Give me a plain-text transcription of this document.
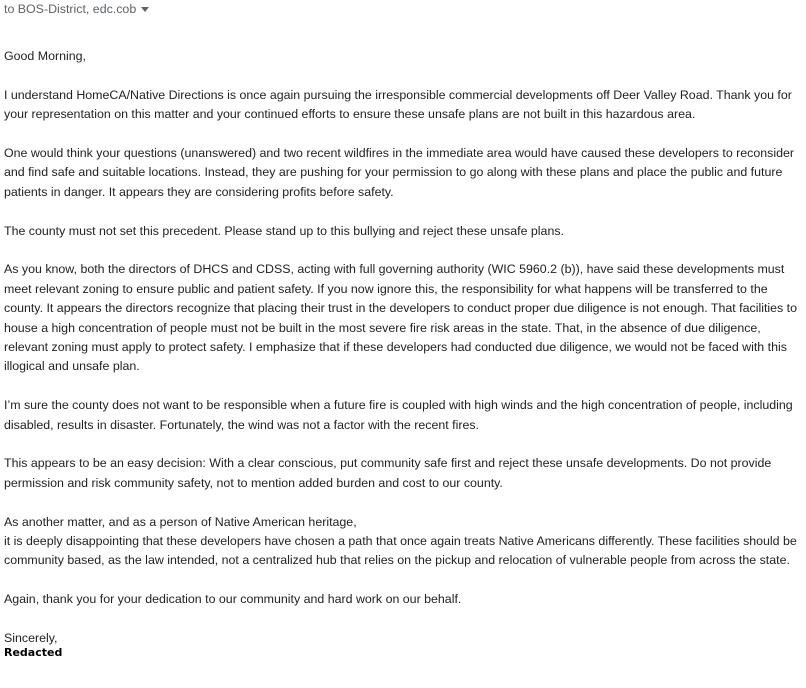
to BOS-District, edc.cob

Good Morning,

I understand HomeCA/Native Directions is once again pursuing the irresponsible commercial developments off Deer Valley Road. Thank you for your representation on this matter and your continued efforts to ensure these unsafe plans are not built in this hazardous area.

One would think your questions (unanswered) and two recent wildfires in the immediate area would have caused these developers to reconsider and find safe and suitable locations. Instead, they are pushing for your permission to go along with these plans and place the public and future patients in danger. It appears they are considering profits before safety.

The county must not set this precedent. Please stand up to this bullying and reject these unsafe plans.

As you know, both the directors of DHCS and CDSS, acting with full governing authority (WIC 5960.2 (b)), have said these developments must meet relevant zoning to ensure public and patient safety. If you now ignore this, the responsibility for what happens will be transferred to the county. It appears the directors recognize that placing their trust in the developers to conduct proper due diligence is not enough. That facilities to house a high concentration of people must not be built in the most severe fire risk areas in the state. That, in the absence of due diligence, relevant zoning must apply to protect safety. I emphasize that if these developers had conducted due diligence, we would not be faced with this illogical and unsafe plan.

I’m sure the county does not want to be responsible when a future fire is coupled with high winds and the high concentration of people, including disabled, results in disaster. Fortunately, the wind was not a factor with the recent fires.

This appears to be an easy decision: With a clear conscious, put community safe first and reject these unsafe developments. Do not provide permission and risk community safety, not to mention added burden and cost to our county.

As another matter, and as a person of Native American heritage,
it is deeply disappointing that these developers have chosen a path that once again treats Native Americans differently. These facilities should be community based, as the law intended, not a centralized hub that relies on the pickup and relocation of vulnerable people from across the state.

Again, thank you for your dedication to our community and hard work on our behalf.

Sincerely,

Redacted
